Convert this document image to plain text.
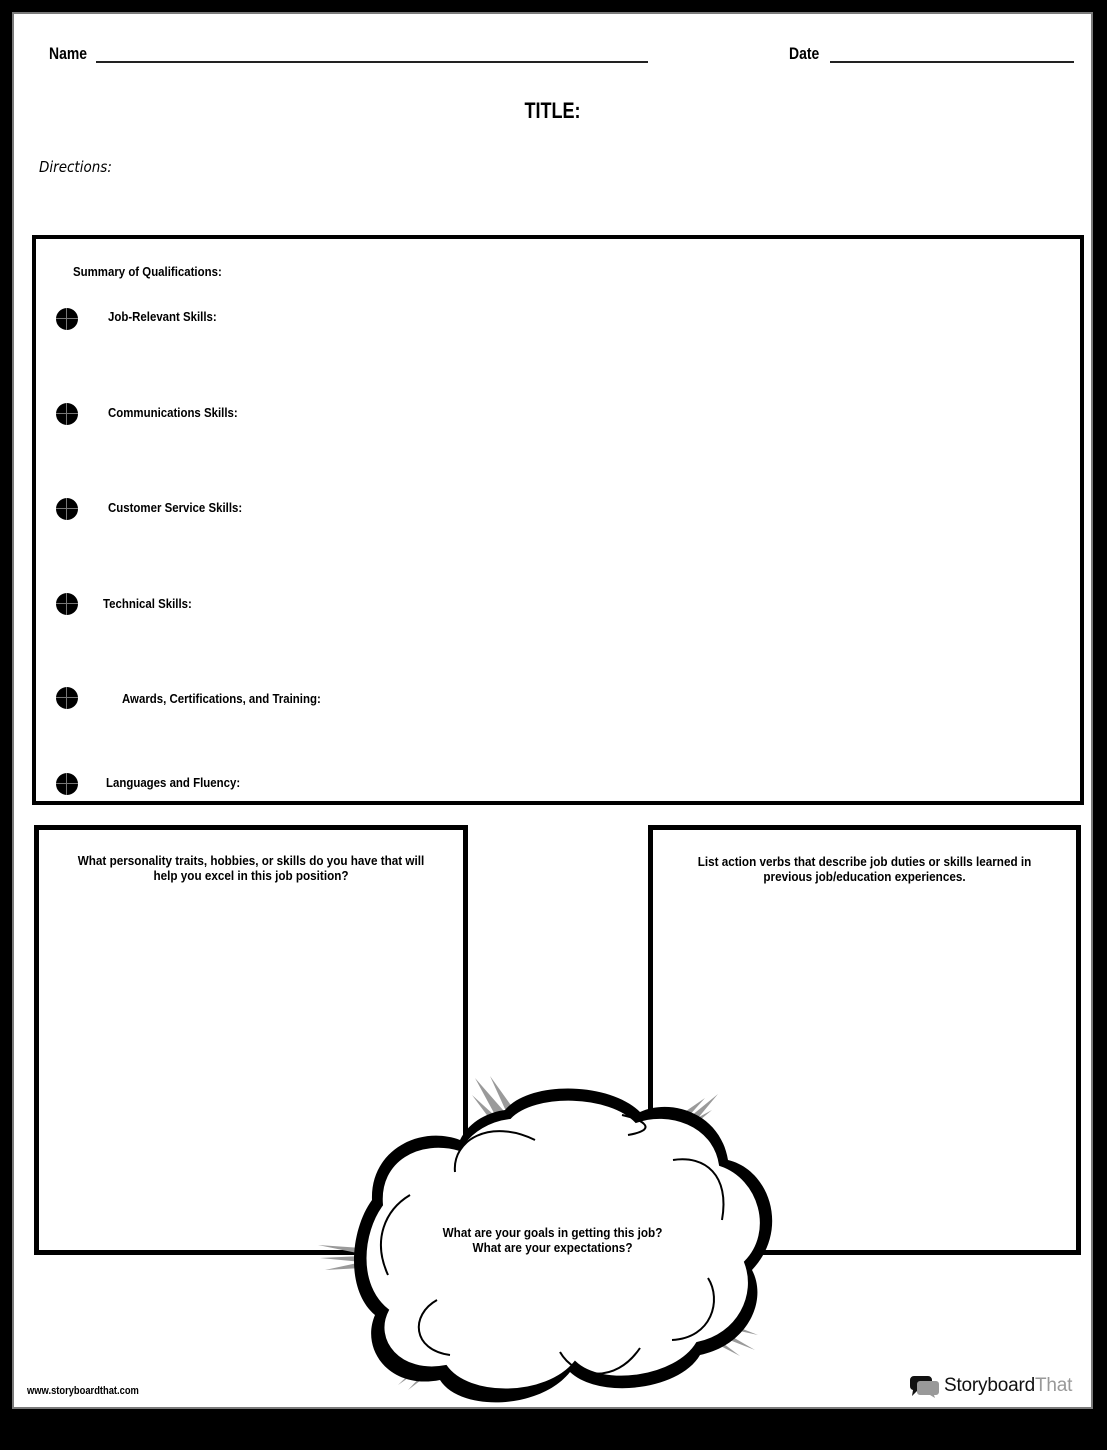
Name	Date
TITLE:
Directions:
Summary of Qualifications:
Job-Relevant Skills:
Communications Skills:
Customer Service Skills:
Technical Skills:
Awards, Certifications, and Training:
Languages and Fluency:
What personality traits, hobbies, or skills do you have that will help you excel in this job position?
List action verbs that describe job duties or skills learned in previous job/education experiences.
What are your goals in getting this job?
What are your expectations?
www.storyboardthat.com	StoryboardThat
